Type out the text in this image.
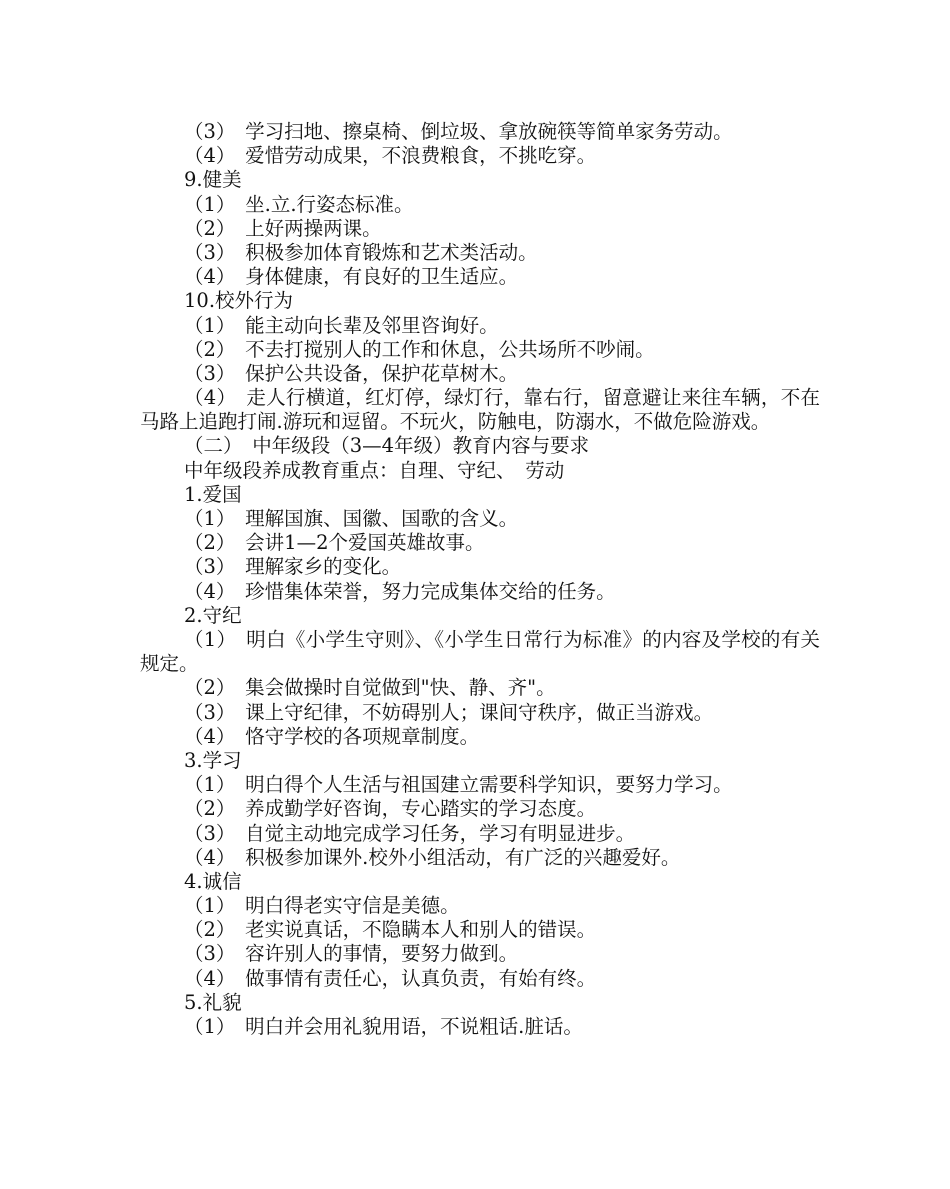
（3）　学习扫地、擦桌椅、倒垃圾、拿放碗筷等简单家务劳动。
（4）　爱惜劳动成果，不浪费粮食，不挑吃穿。
9.健美
（1）　坐.立.行姿态标准。
（2）　上好两操两课。
（3）　积极参加体育锻炼和艺术类活动。
（4）　身体健康，有良好的卫生适应。
10.校外行为
（1）　能主动向长辈及邻里咨询好。
（2）　不去打搅别人的工作和休息，公共场所不吵闹。
（3）　保护公共设备，保护花草树木。
（4）　走人行横道，红灯停，绿灯行，靠右行，留意避让来往车辆，不在马路上追跑打闹.游玩和逗留。不玩火，防触电，防溺水，不做危险游戏。
（二）　中年级段（3—4年级）教育内容与要求
中年级段养成教育重点：自理、守纪、　劳动
1.爱国
（1）　理解国旗、国徽、国歌的含义。
（2）　会讲1—2个爱国英雄故事。
（3）　理解家乡的变化。
（4）　珍惜集体荣誉，努力完成集体交给的任务。
2.守纪
（1）　明白《小学生守则》、《小学生日常行为标准》的内容及学校的有关规定。
（2）　集会做操时自觉做到"快、静、齐"。
（3）　课上守纪律，不妨碍别人；课间守秩序，做正当游戏。
（4）　恪守学校的各项规章制度。
3.学习
（1）　明白得个人生活与祖国建立需要科学知识，要努力学习。
（2）　养成勤学好咨询，专心踏实的学习态度。
（3）　自觉主动地完成学习任务，学习有明显进步。
（4）　积极参加课外.校外小组活动，有广泛的兴趣爱好。
4.诚信
（1）　明白得老实守信是美德。
（2）　老实说真话，不隐瞒本人和别人的错误。
（3）　容许别人的事情，要努力做到。
（4）　做事情有责任心，认真负责，有始有终。
5.礼貌
（1）　明白并会用礼貌用语，不说粗话.脏话。
